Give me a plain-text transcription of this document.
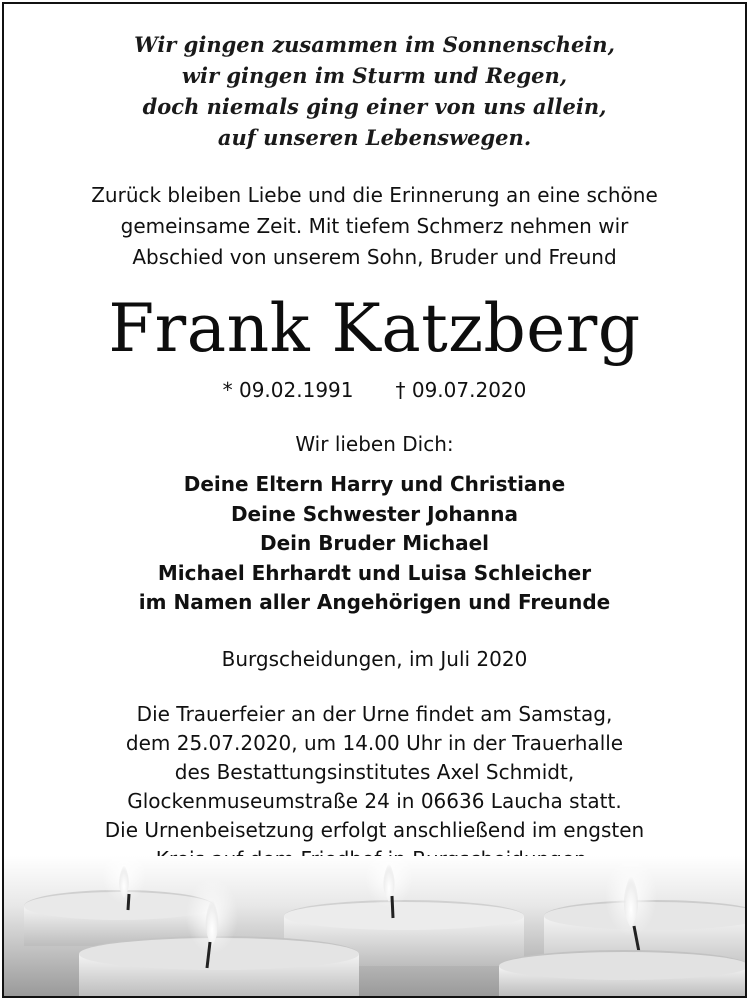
Wir gingen zusammen im Sonnenschein,
wir gingen im Sturm und Regen,
doch niemals ging einer von uns allein,
auf unseren Lebenswegen.
Zurück bleiben Liebe und die Erinnerung an eine schöne
gemeinsame Zeit. Mit tiefem Schmerz nehmen wir
Abschied von unserem Sohn, Bruder und Freund
Frank Katzberg
* 09.02.1991 † 09.07.2020
Wir lieben Dich:
Deine Eltern Harry und Christiane
Deine Schwester Johanna
Dein Bruder Michael
Michael Ehrhardt und Luisa Schleicher
im Namen aller Angehörigen und Freunde
Burgscheidungen, im Juli 2020
Die Trauerfeier an der Urne findet am Samstag,
dem 25.07.2020, um 14.00 Uhr in der Trauerhalle
des Bestattungsinstitutes Axel Schmidt,
Glockenmuseumstraße 24 in 06636 Laucha statt.
Die Urnenbeisetzung erfolgt anschließend im engsten
